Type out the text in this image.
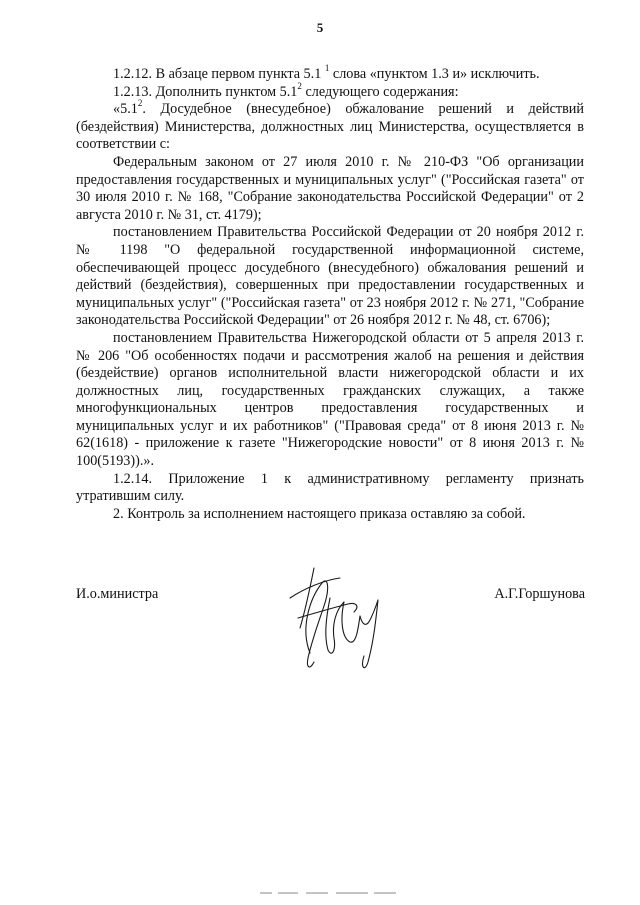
5

1.2.12. В абзаце первом пункта 5.1 $^1$ слова «пунктом 1.3 и» исключить.

1.2.13. Дополнить пунктом $5.1^2$ следующего содержания:

«$5.1^2$. Досудебное (внесудебное) обжалование решений и действий (бездействия) Министерства, должностных лиц Министерства, осуществляется в соответствии с:

Федеральным законом от 27 июля 2010 г. № 210-ФЗ "Об организации предоставления государственных и муниципальных услуг" ("Российская газета" от 30 июля 2010 г. № 168, "Собрание законодательства Российской Федерации" от 2 августа 2010 г. № 31, ст. 4179);

постановлением Правительства Российской Федерации от 20 ноября 2012 г. № 1198 "О федеральной государственной информационной системе, обеспечивающей процесс досудебного (внесудебного) обжалования решений и действий (бездействия), совершенных при предоставлении государственных и муниципальных услуг" ("Российская газета" от 23 ноября 2012 г. № 271, "Собрание законодательства Российской Федерации" от 26 ноября 2012 г. № 48, ст. 6706);

постановлением Правительства Нижегородской области от 5 апреля 2013 г. № 206 "Об особенностях подачи и рассмотрения жалоб на решения и действия (бездействие) органов исполнительной власти нижегородской области и их должностных лиц, государственных гражданских служащих, а также многофункциональных центров предоставления государственных и муниципальных услуг и их работников" ("Правовая среда" от 8 июня 2013 г. № 62(1618) - приложение к газете "Нижегородские новости" от 8 июня 2013 г. № 100(5193)).».

1.2.14. Приложение 1 к административному регламенту признать утратившим силу.

2. Контроль за исполнением настоящего приказа оставляю за собой.

И.о.министра	А.Г.Горшунова
